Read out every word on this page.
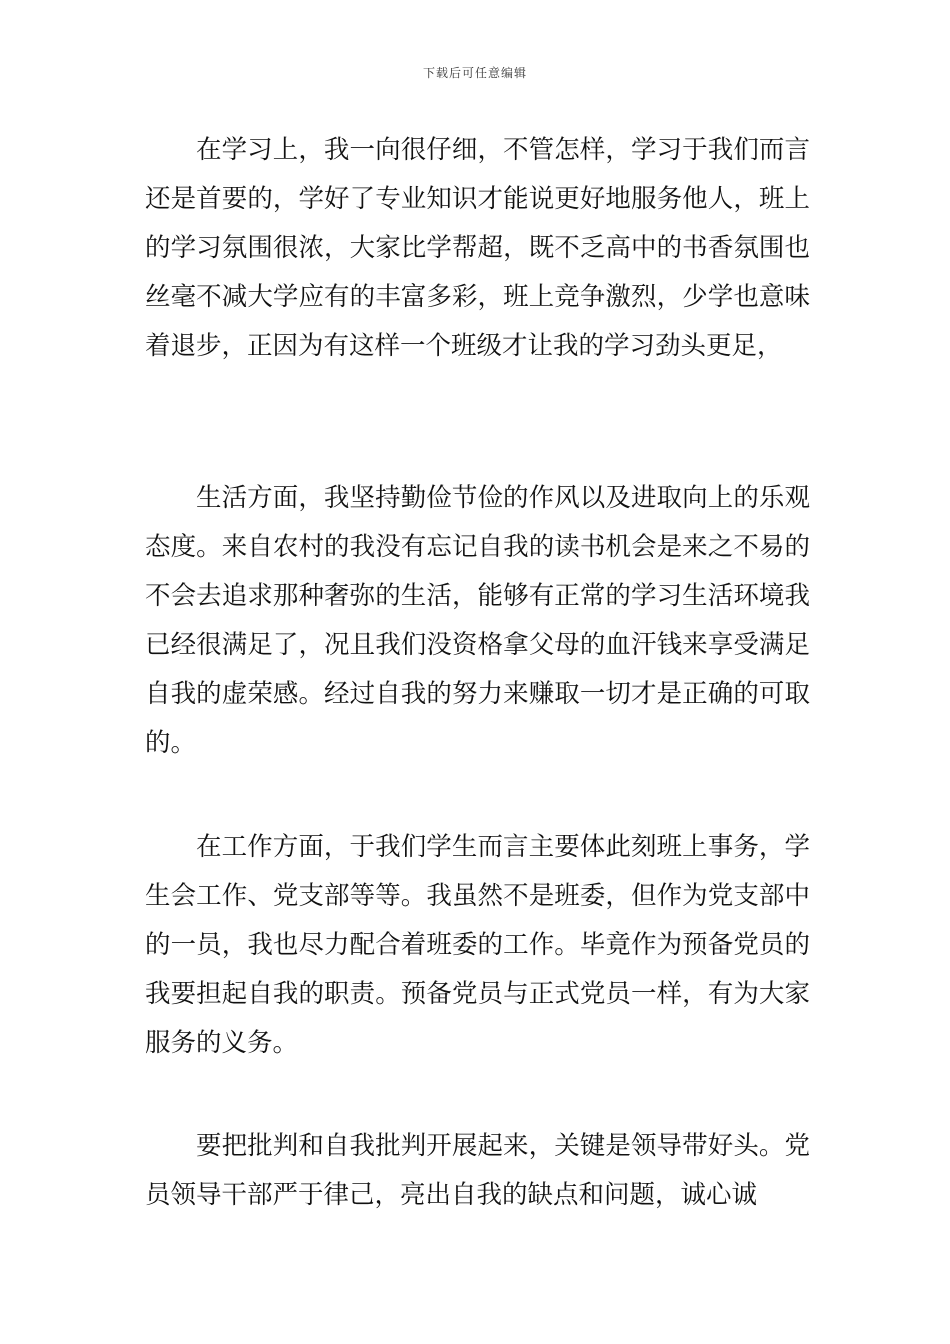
下载后可任意编辑

在学习上，我一向很仔细，不管怎样，学习于我们而言还是首要的，学好了专业知识才能说更好地服务他人，班上的学习氛围很浓，大家比学帮超，既不乏高中的书香氛围也丝毫不减大学应有的丰富多彩，班上竞争激烈，少学也意味着退步，正因为有这样一个班级才让我的学习劲头更足，

生活方面，我坚持勤俭节俭的作风以及进取向上的乐观态度。来自农村的我没有忘记自我的读书机会是来之不易的不会去追求那种奢弥的生活，能够有正常的学习生活环境我已经很满足了，况且我们没资格拿父母的血汗钱来享受满足自我的虚荣感。经过自我的努力来赚取一切才是正确的可取的。

在工作方面，于我们学生而言主要体此刻班上事务，学生会工作、党支部等等。我虽然不是班委，但作为党支部中的一员，我也尽力配合着班委的工作。毕竟作为预备党员的我要担起自我的职责。预备党员与正式党员一样，有为大家服务的义务。

要把批判和自我批判开展起来，关键是领导带好头。党员领导干部严于律己，亮出自我的缺点和问题，诚心诚
